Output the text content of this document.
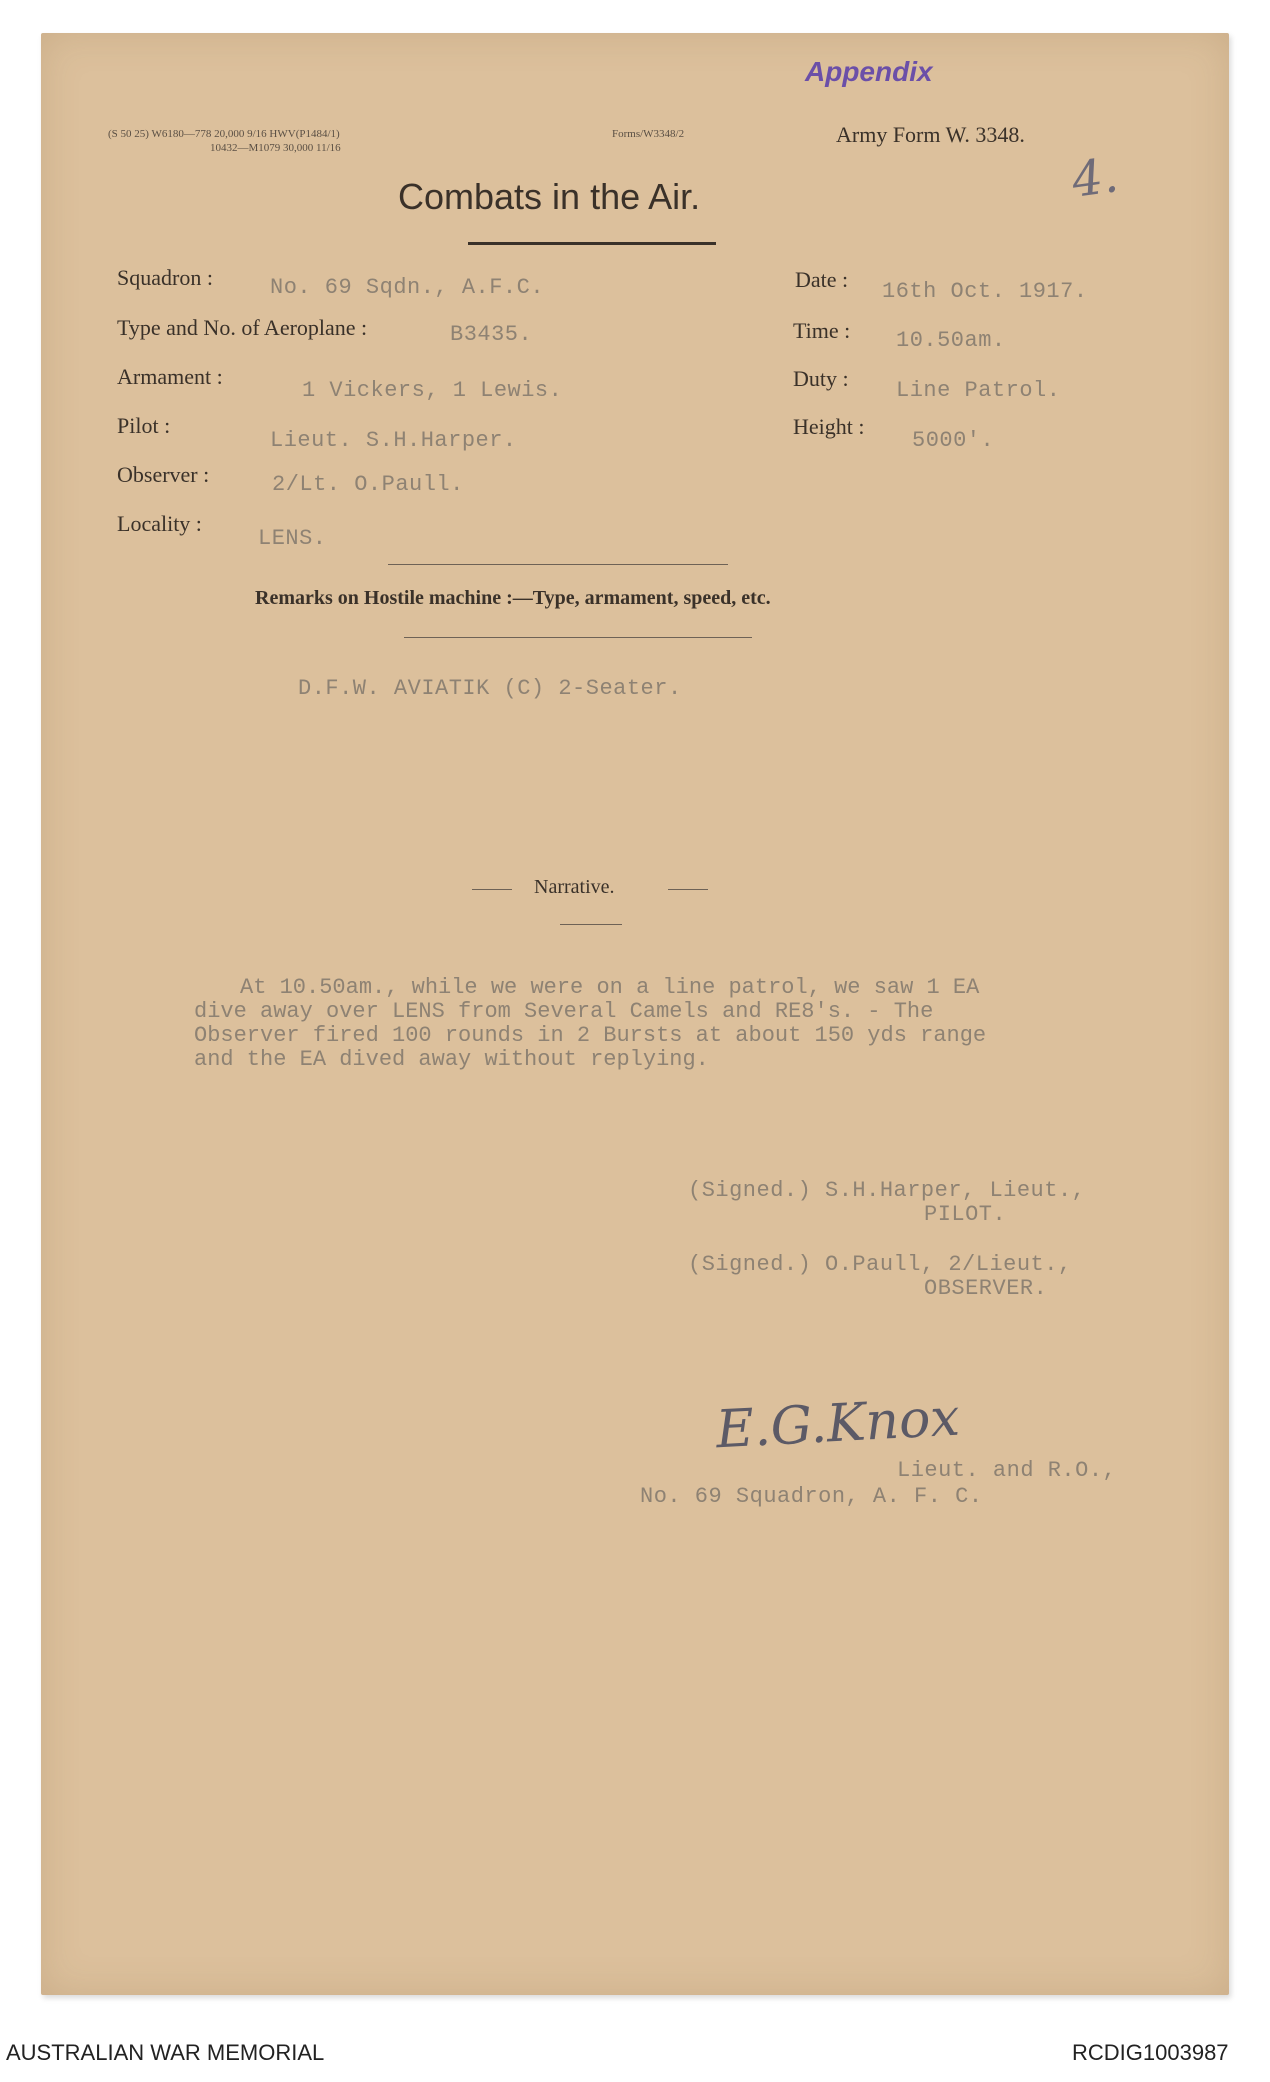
Appendix
(S 50 25) W6180—778 20,000 9/16 HWV(P1484/1)
10432—M1079 30,000 11/16
Forms/W3348/2	Army Form W. 3348.
4.
Combats in the Air.
Squadron :	No. 69 Sqdn., A.F.C.
Type and No. of Aeroplane :	B3435.
Armament :
1 Vickers, 1 Lewis.
Pilot :
Lieut. S.H.Harper.
Observer :	2/Lt. O.Paull.
Locality :
LENS.
Date : 16th Oct. 1917.
Time : 10.50am.
Duty : Line Patrol.
Height :
5000'.
Remarks on Hostile machine :—Type, armament, speed, etc.
D.F.W. AVIATIK (C) 2-Seater.
Narrative.
At 10.50am., while we were on a line patrol, we saw 1 EA
dive away over LENS from Several Camels and RE8's. - The
Observer fired 100 rounds in 2 Bursts at about 150 yds range
and the EA dived away without replying.
(Signed.) S.H.Harper, Lieut.,
PILOT.
(Signed.) O.Paull, 2/Lieut.,
OBSERVER.
E.G.Knox
Lieut. and R.O.,
No. 69 Squadron, A. F. C.
AUSTRALIAN WAR MEMORIAL	RCDIG1003987
